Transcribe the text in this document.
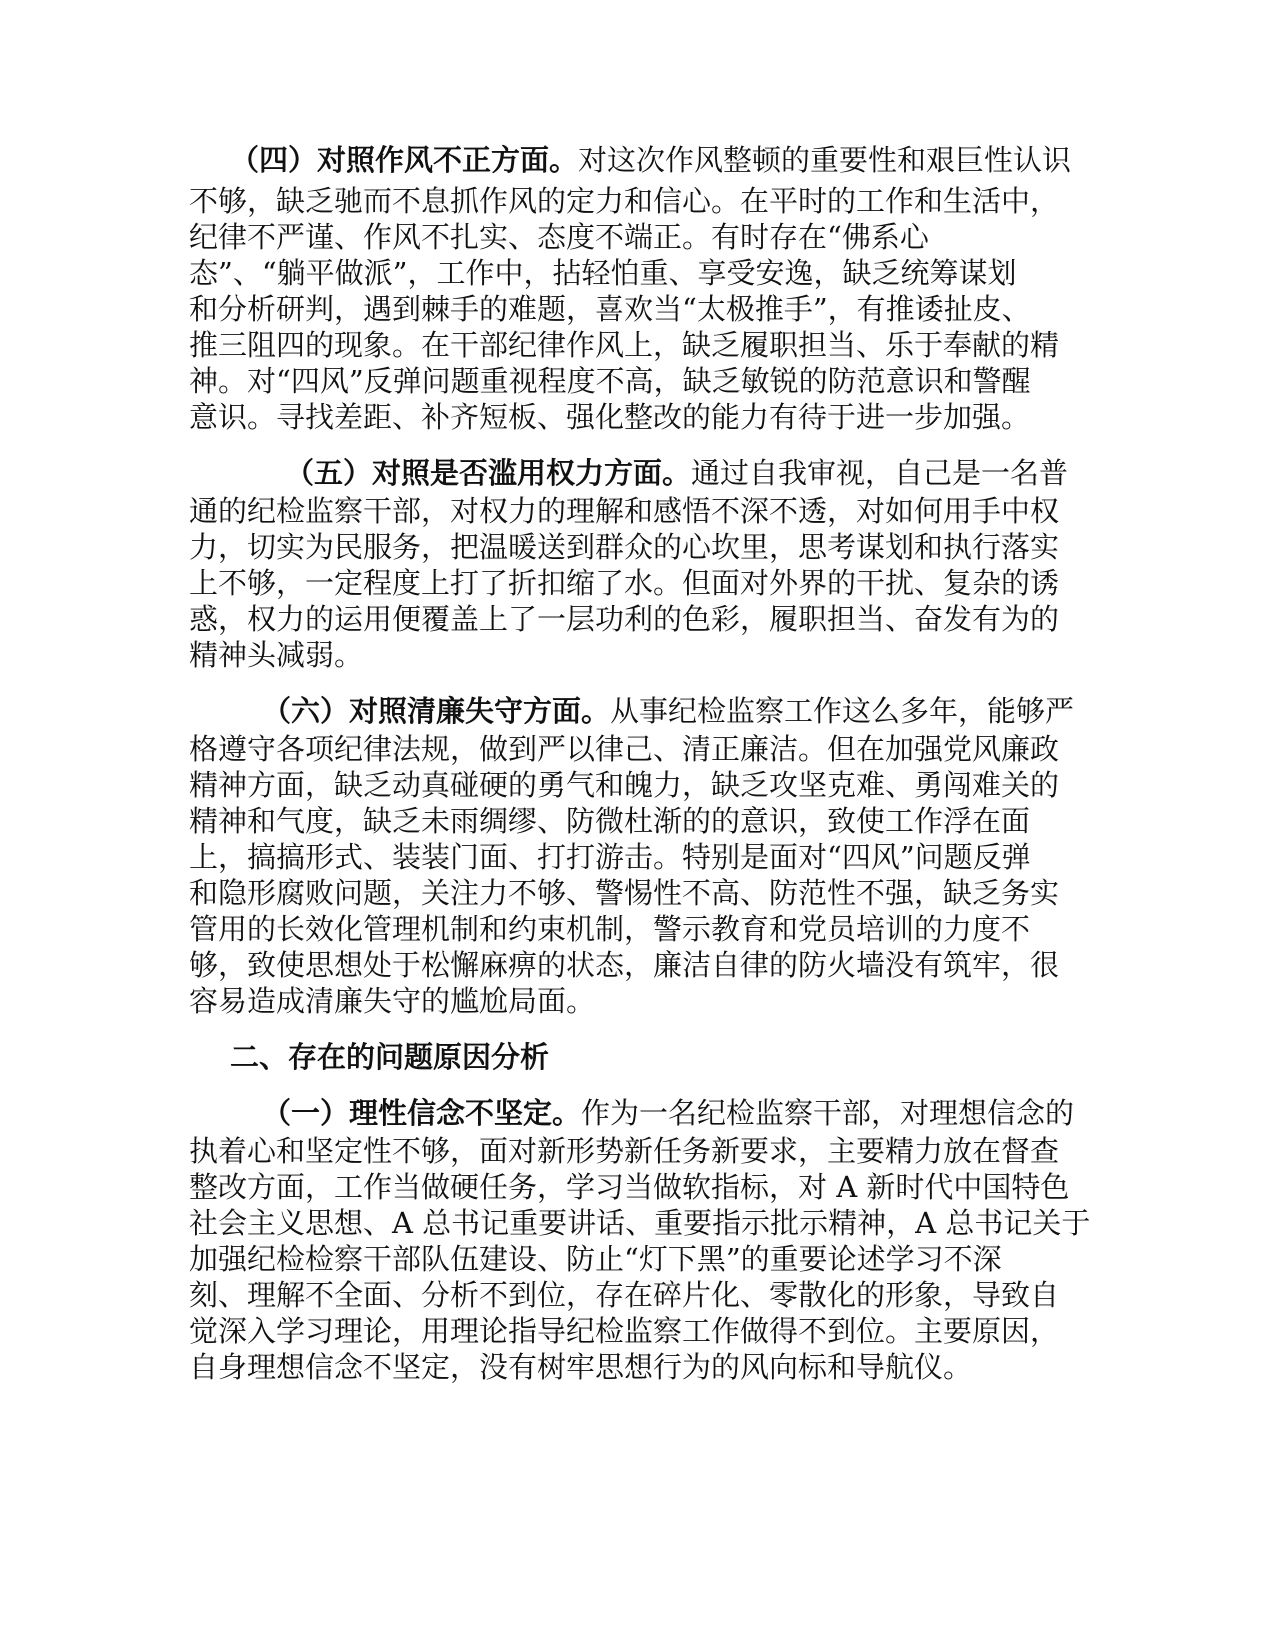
（四）对照作风不正方面。对这次作风整顿的重要性和艰巨性认识
不够，缺乏驰而不息抓作风的定力和信心。在平时的工作和生活中，
纪律不严谨、作风不扎实、态度不端正。有时存在“佛系心
态”、“躺平做派”，工作中，拈轻怕重、享受安逸，缺乏统筹谋划
和分析研判，遇到棘手的难题，喜欢当“太极推手”，有推诿扯皮、
推三阻四的现象。在干部纪律作风上，缺乏履职担当、乐于奉献的精
神。对“四风”反弹问题重视程度不高，缺乏敏锐的防范意识和警醒
意识。寻找差距、补齐短板、强化整改的能力有待于进一步加强。
（五）对照是否滥用权力方面。通过自我审视，自己是一名普
通的纪检监察干部，对权力的理解和感悟不深不透，对如何用手中权
力，切实为民服务，把温暖送到群众的心坎里，思考谋划和执行落实
上不够，一定程度上打了折扣缩了水。但面对外界的干扰、复杂的诱
惑，权力的运用便覆盖上了一层功利的色彩，履职担当、奋发有为的
精神头减弱。
（六）对照清廉失守方面。从事纪检监察工作这么多年，能够严
格遵守各项纪律法规，做到严以律己、清正廉洁。但在加强党风廉政
精神方面，缺乏动真碰硬的勇气和魄力，缺乏攻坚克难、勇闯难关的
精神和气度，缺乏未雨绸缪、防微杜渐的的意识，致使工作浮在面
上，搞搞形式、装装门面、打打游击。特别是面对“四风”问题反弹
和隐形腐败问题，关注力不够、警惕性不高、防范性不强，缺乏务实
管用的长效化管理机制和约束机制，警示教育和党员培训的力度不
够，致使思想处于松懈麻痹的状态，廉洁自律的防火墙没有筑牢，很
容易造成清廉失守的尴尬局面。
二、存在的问题原因分析
（一）理性信念不坚定。作为一名纪检监察干部，对理想信念的
执着心和坚定性不够，面对新形势新任务新要求，主要精力放在督查
整改方面，工作当做硬任务，学习当做软指标，对 A 新时代中国特色
社会主义思想、A 总书记重要讲话、重要指示批示精神，A 总书记关于
加强纪检检察干部队伍建设、防止“灯下黑”的重要论述学习不深
刻、理解不全面、分析不到位，存在碎片化、零散化的形象，导致自
觉深入学习理论，用理论指导纪检监察工作做得不到位。主要原因，
自身理想信念不坚定，没有树牢思想行为的风向标和导航仪。
